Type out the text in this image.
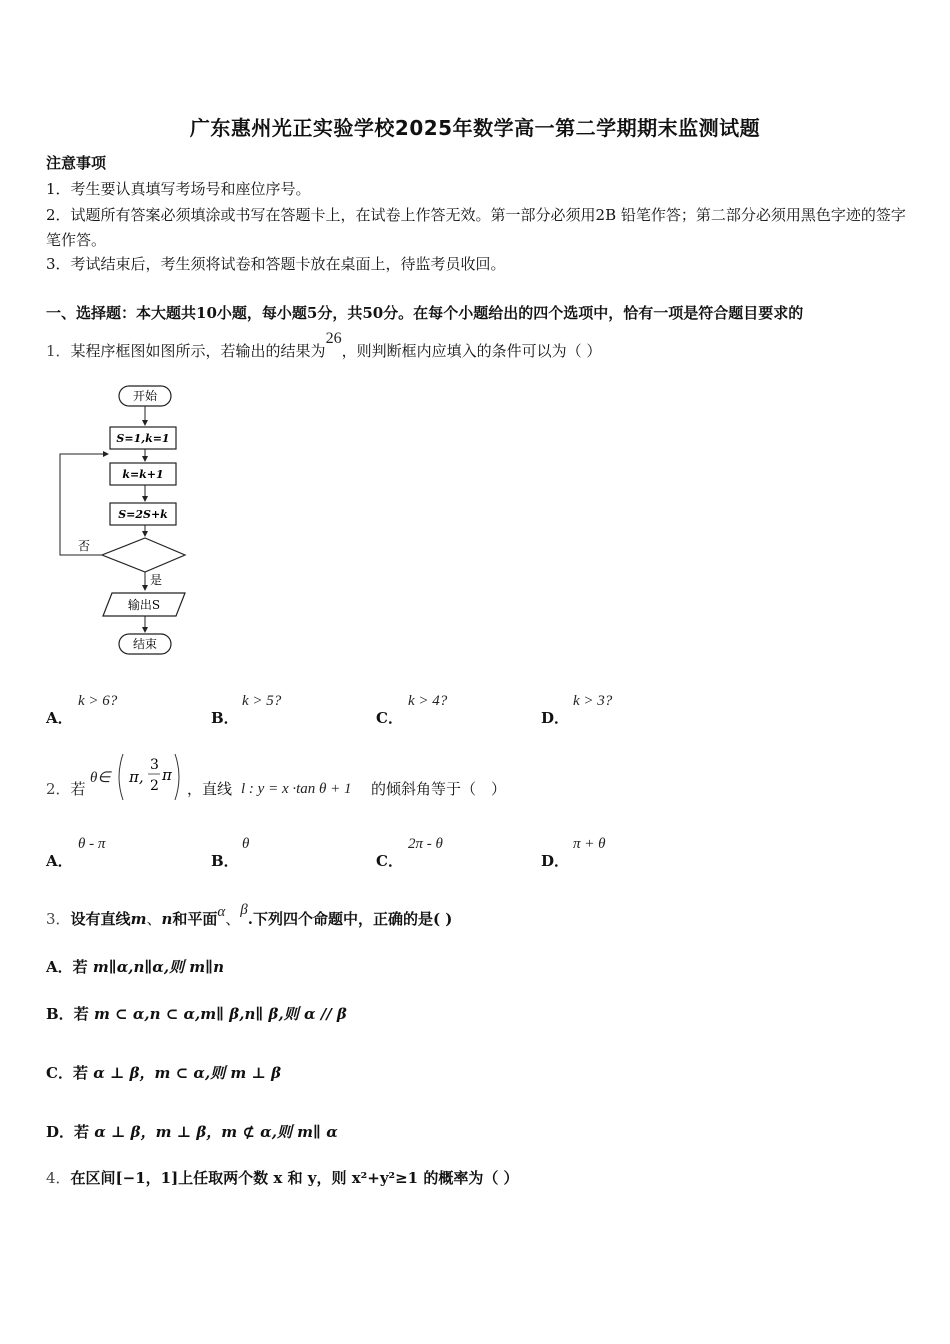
广东惠州光正实验学校2025年数学高一第二学期期末监测试题
注意事项
1．考生要认真填写考场号和座位序号。
2．试题所有答案必须填涂或书写在答题卡上，在试卷上作答无效。第一部分必须用2B 铅笔作答；第二部分必须用黑色字迹的签字笔作答。
3．考试结束后，考生须将试卷和答题卡放在桌面上，待监考员收回。
一、选择题：本大题共10小题，每小题5分，共50分。在每个小题给出的四个选项中，恰有一项是符合题目要求的
1．某程序框图如图所示，若输出的结果为26，则判断框内应填入的条件可以为（ ）
开始
S=1,k=1
k=k+1
S=2S+k
否
是
输出S
结束
A．
k > 6?
B．
k > 5?
C．
k > 4?
D．
k > 3?
2．若
θ∈ π,
3
2
π
，直线 l : y = x ·tan θ + 1 的倾斜角等于（　）
A．
θ - π
B．
θ
C．
2π - θ
D．
π + θ
3．设有直线m、n和平面α、β.下列四个命题中，正确的是( )
A．若 m∥α,n∥α,则 m∥n
B．若 m ⊂ α,n ⊂ α,m∥ β,n∥ β,则 α // β
C．若 α ⊥ β，m ⊂ α,则 m ⊥ β
D．若 α ⊥ β，m ⊥ β，m ⊄ α,则 m∥ α
4．在区间[−1，1]上任取两个数 x 和 y，则 x²+y²≥1 的概率为（ ）
